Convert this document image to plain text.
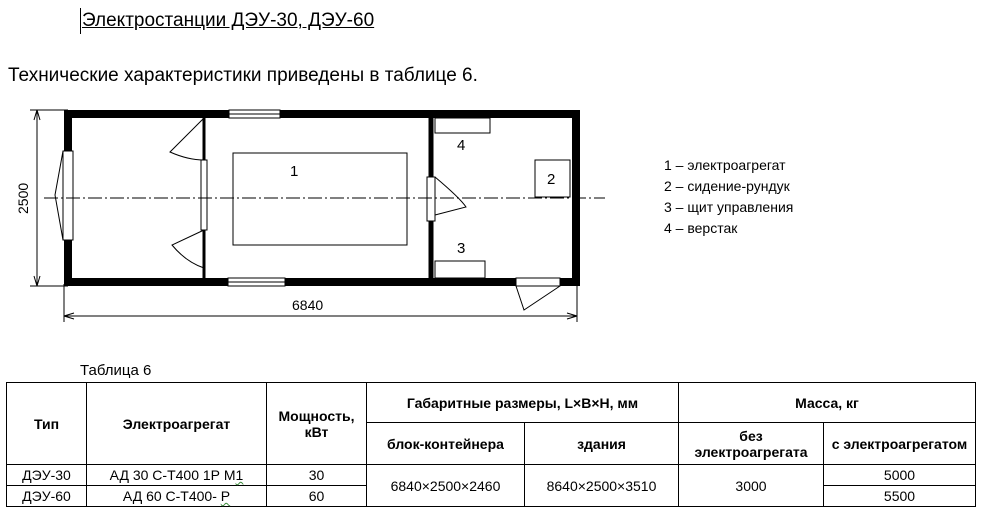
Электростанции ДЭУ-30, ДЭУ-60
Технические характеристики приведены в таблице 6.
2500
6840
1	2
3
4
1 – электроагрегат
2 – сидение-рундук
3 – щит управления
4 – верстак
Таблица 6
Тип	Электроагрегат	Мощность, кВт	Габаритные размеры, L×B×H, мм		Масса, кг	
			блок-контейнера	здания	без электроагрегата	с электроагрегатом
ДЭУ-30	АД 30 С-Т400 1Р М1	30	6840×2500×2460	8640×2500×3510	3000	5000
ДЭУ-60	АД 60 С-Т400- Р	60				5500
